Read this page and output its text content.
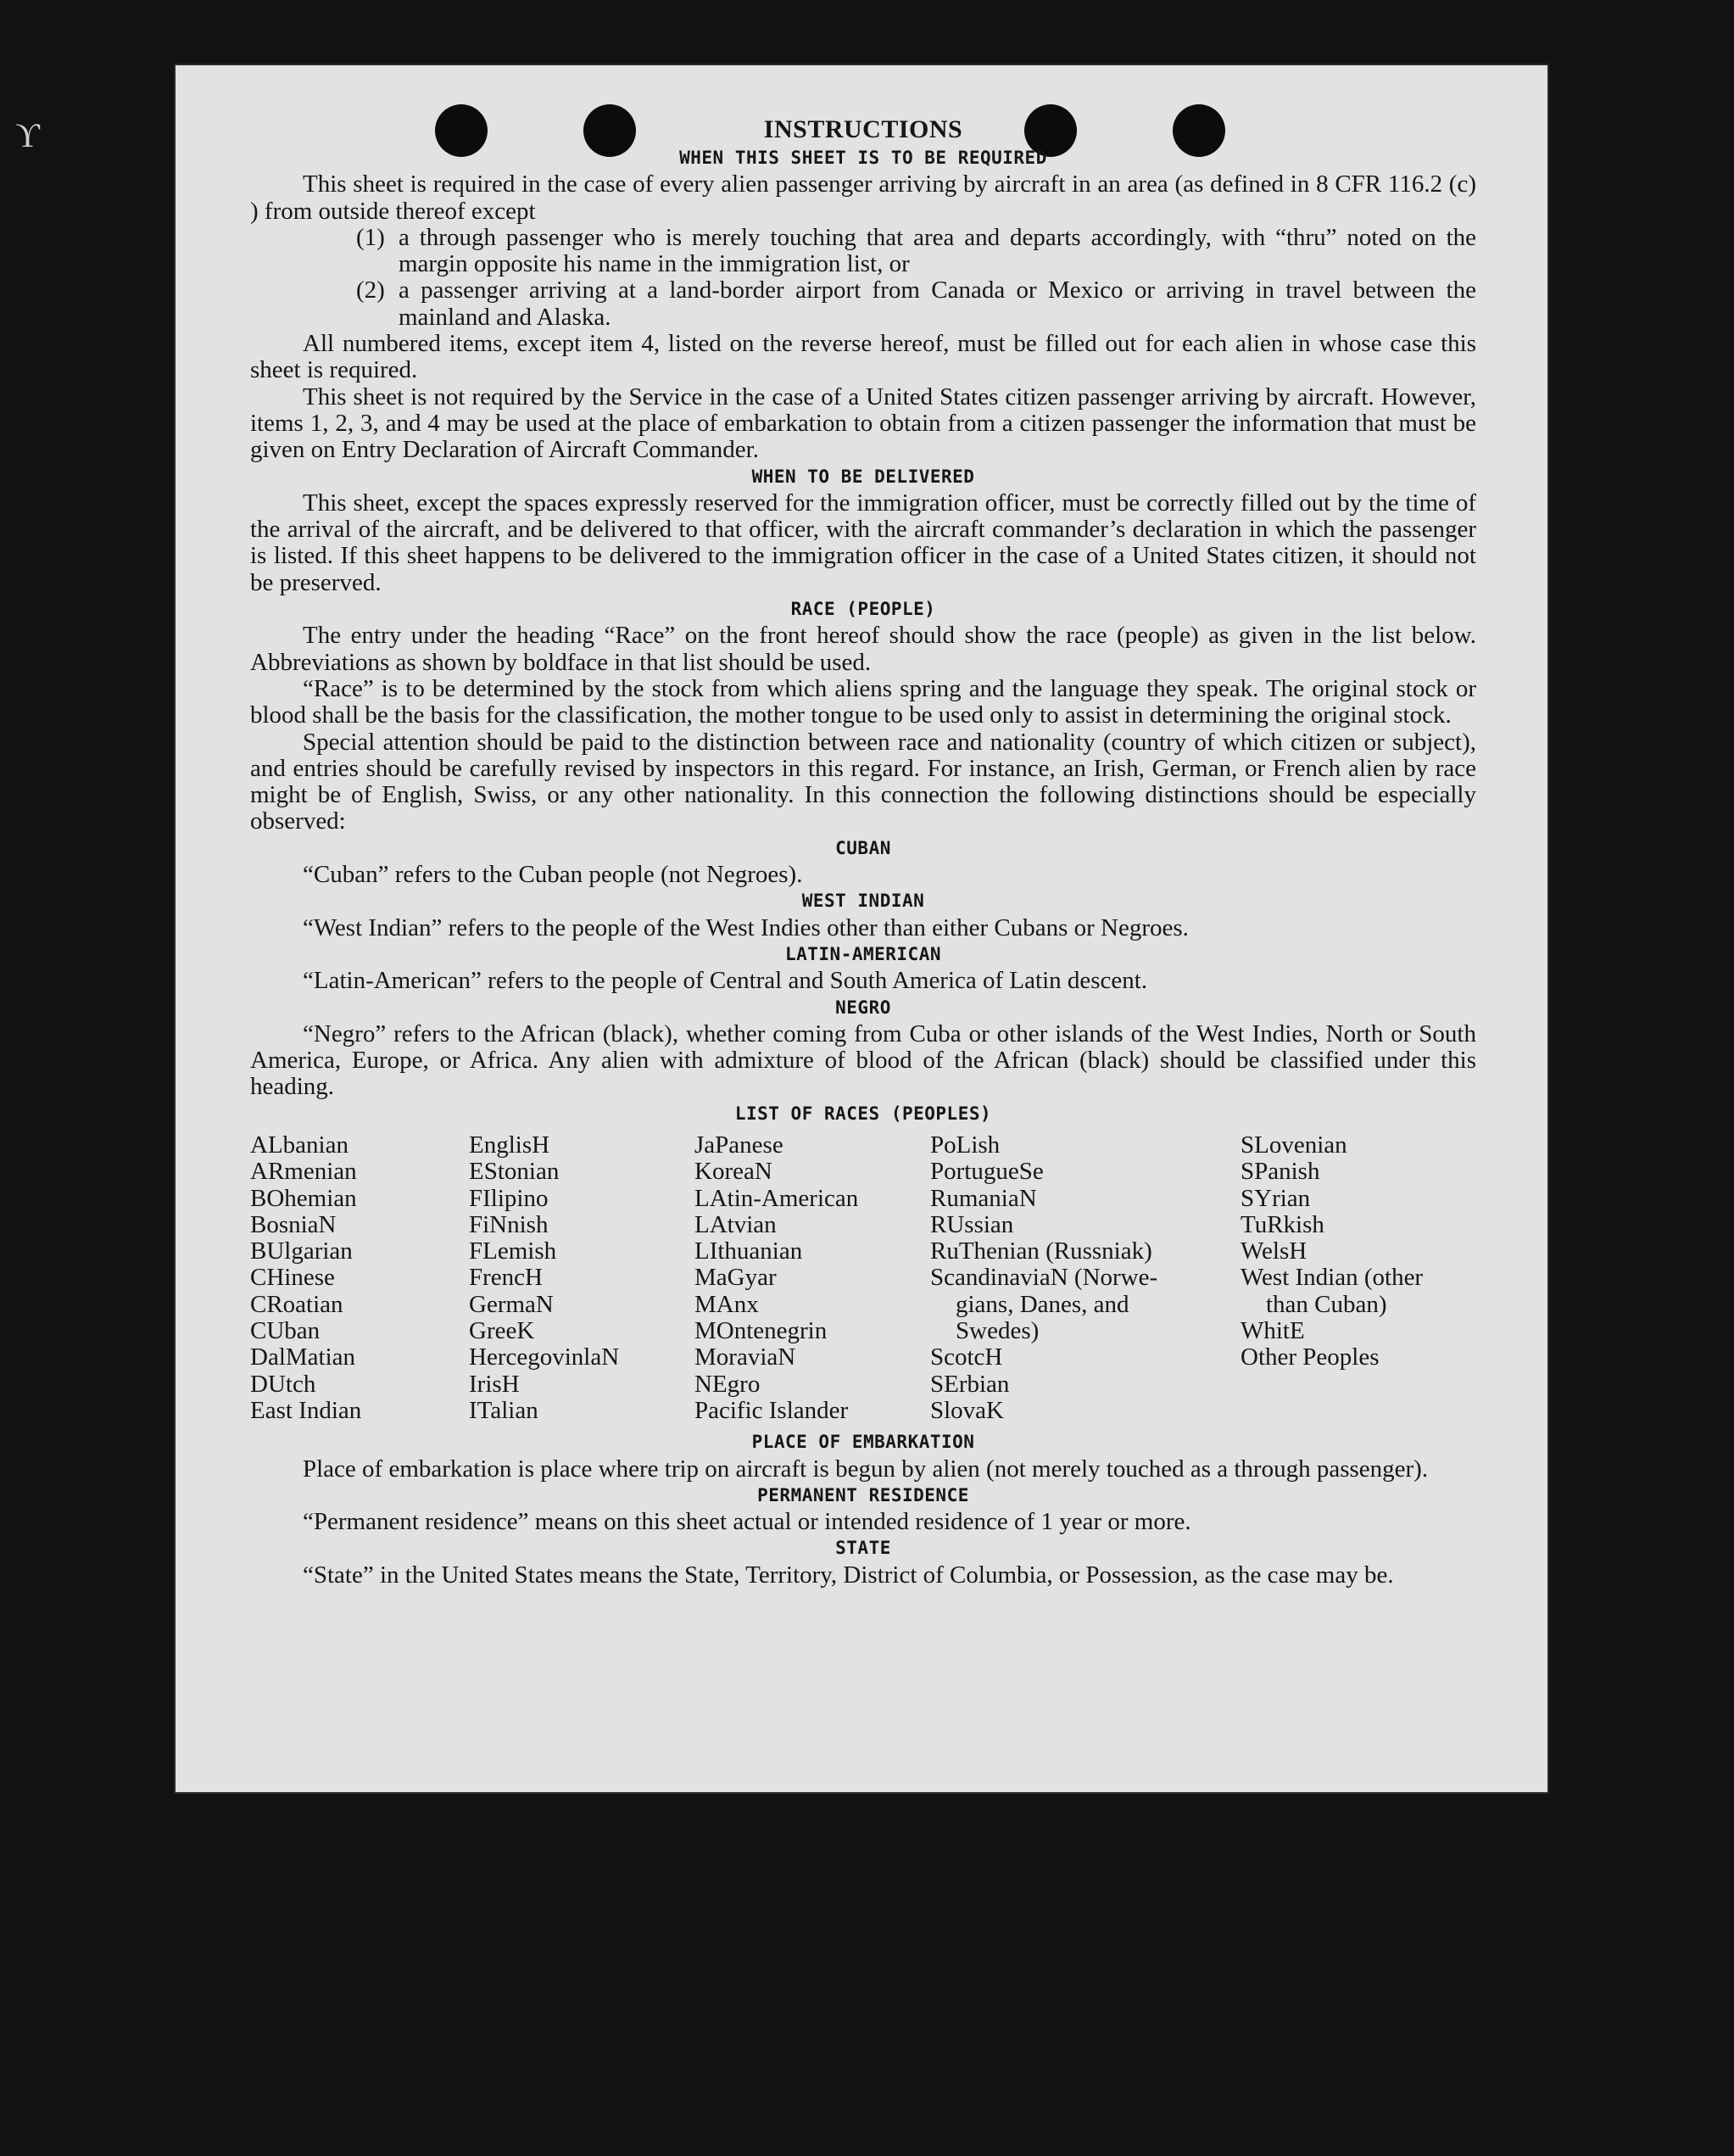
ϒ	INSTRUCTIONS
WHEN THIS SHEET IS TO BE REQUIRED

This sheet is required in the case of every alien passenger arriving by aircraft in an area (as defined in 8 CFR 116.2 (c) ) from outside thereof except

(1) a through passenger who is merely touching that area and departs accordingly, with “thru” noted on the margin opposite his name in the immigration list, or
(2) a passenger arriving at a land-border airport from Canada or Mexico or arriving in travel between the mainland and Alaska.

All numbered items, except item 4, listed on the reverse hereof, must be filled out for each alien in whose case this sheet is required.

This sheet is not required by the Service in the case of a United States citizen passenger arriving by aircraft. However, items 1, 2, 3, and 4 may be used at the place of embarkation to obtain from a citizen passenger the information that must be given on Entry Declaration of Aircraft Commander.

WHEN TO BE DELIVERED

This sheet, except the spaces expressly reserved for the immigration officer, must be correctly filled out by the time of the arrival of the aircraft, and be delivered to that officer, with the aircraft commander’s declaration in which the passenger is listed. If this sheet happens to be delivered to the immigration officer in the case of a United States citizen, it should not be preserved.

RACE (PEOPLE)

The entry under the heading “Race” on the front hereof should show the race (people) as given in the list below. Abbreviations as shown by boldface in that list should be used.

“Race” is to be determined by the stock from which aliens spring and the language they speak. The original stock or blood shall be the basis for the classification, the mother tongue to be used only to assist in determining the original stock.

Special attention should be paid to the distinction between race and nationality (country of which citizen or subject), and entries should be carefully revised by inspectors in this regard. For instance, an Irish, German, or French alien by race might be of English, Swiss, or any other nationality. In this connection the following distinctions should be especially observed:

CUBAN

“Cuban” refers to the Cuban people (not Negroes).

WEST INDIAN

“West Indian” refers to the people of the West Indies other than either Cubans or Negroes.

LATIN-AMERICAN

“Latin-American” refers to the people of Central and South America of Latin descent.

NEGRO

“Negro” refers to the African (black), whether coming from Cuba or other islands of the West Indies, North or South America, Europe, or Africa. Any alien with admixture of blood of the African (black) should be classified under this heading.

LIST OF RACES (PEOPLES)
ALbanian
ARmenian
BOhemian
BosniaN
BUlgarian
CHinese
CRoatian
CUban
DalMatian
DUtch
East Indian
EnglisH
EStonian
FIlipino
FiNnish
FLemish
FrencH
GermaN
GreeK
HercegovinlaN
IrisH
ITalian
JaPanese
KoreaN
LAtin-American
LAtvian
LIthuanian
MaGyar
MAnx
MOntenegrin
MoraviaN
NEgro
Pacific Islander
PoLish
PortugueSe
RumaniaN
RUssian
RuThenian (Russniak)
ScandinaviaN (Norwe-
gians, Danes, and
Swedes)
ScotcH
SErbian
SlovaK
SLovenian
SPanish
SYrian
TuRkish
WelsH
West Indian (other
than Cuban)
WhitE
Other Peoples
PLACE OF EMBARKATION

Place of embarkation is place where trip on aircraft is begun by alien (not merely touched as a through passenger).

PERMANENT RESIDENCE

“Permanent residence” means on this sheet actual or intended residence of 1 year or more.

STATE

“State” in the United States means the State, Territory, District of Columbia, or Possession, as the case may be.
